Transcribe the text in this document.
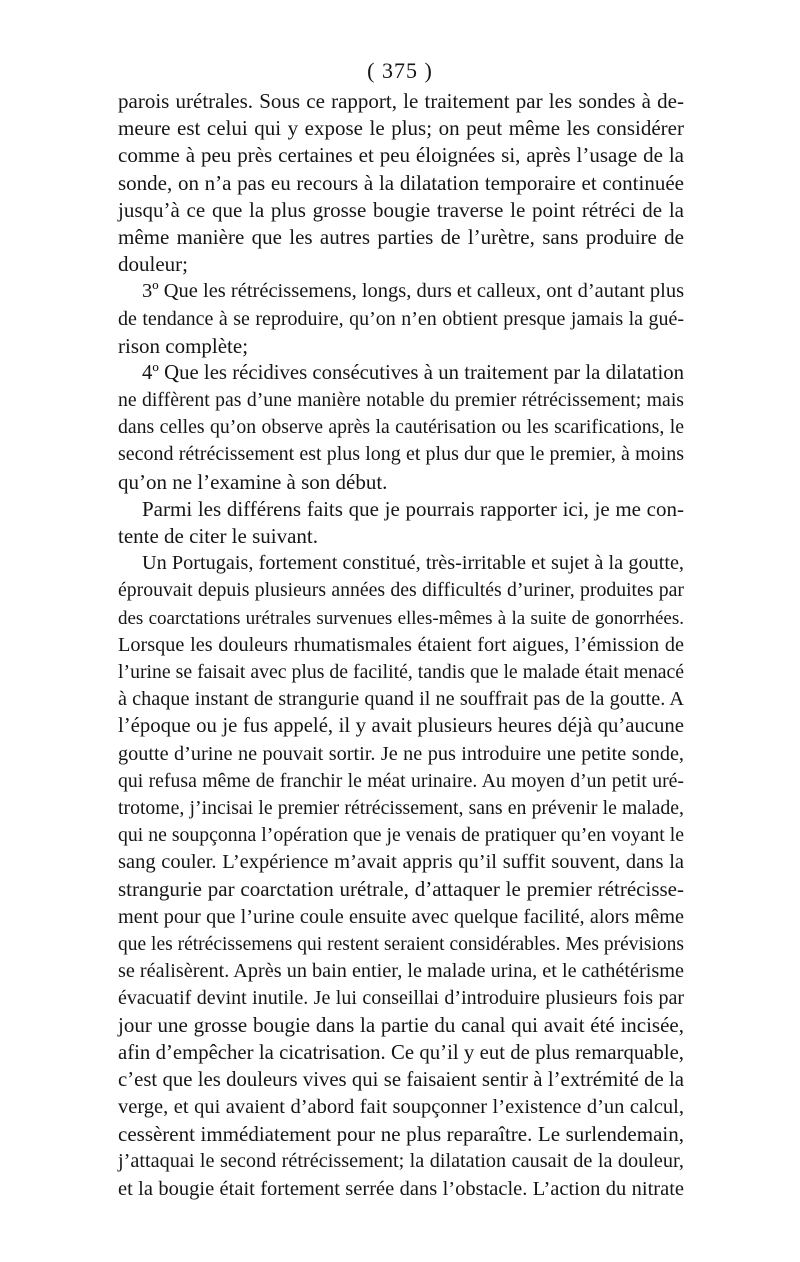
( 375 )
parois urétrales. Sous ce rapport, le traitement par les sondes à de-
meure est celui qui y expose le plus; on peut même les considérer
comme à peu près certaines et peu éloignées si, après l’usage de la
sonde, on n’a pas eu recours à la dilatation temporaire et continuée
jusqu’à ce que la plus grosse bougie traverse le point rétréci de la
même manière que les autres parties de l’urètre, sans produire de
douleur;
3º Que les rétrécissemens, longs, durs et calleux, ont d’autant plus
de tendance à se reproduire, qu’on n’en obtient presque jamais la gué-
rison complète;
4º Que les récidives consécutives à un traitement par la dilatation
ne diffèrent pas d’une manière notable du premier rétrécissement; mais
dans celles qu’on observe après la cautérisation ou les scarifications, le
second rétrécissement est plus long et plus dur que le premier, à moins
qu’on ne l’examine à son début.
Parmi les différens faits que je pourrais rapporter ici, je me con-
tente de citer le suivant.
Un Portugais, fortement constitué, très-irritable et sujet à la goutte,
éprouvait depuis plusieurs années des difficultés d’uriner, produites par
des coarctations urétrales survenues elles-mêmes à la suite de gonorrhées.
Lorsque les douleurs rhumatismales étaient fort aigues, l’émission de
l’urine se faisait avec plus de facilité, tandis que le malade était menacé
à chaque instant de strangurie quand il ne souffrait pas de la goutte. A
l’époque ou je fus appelé, il y avait plusieurs heures déjà qu’aucune
goutte d’urine ne pouvait sortir. Je ne pus introduire une petite sonde,
qui refusa même de franchir le méat urinaire. Au moyen d’un petit uré-
trotome, j’incisai le premier rétrécissement, sans en prévenir le malade,
qui ne soupçonna l’opération que je venais de pratiquer qu’en voyant le
sang couler. L’expérience m’avait appris qu’il suffit souvent, dans la
strangurie par coarctation urétrale, d’attaquer le premier rétrécisse-
ment pour que l’urine coule ensuite avec quelque facilité, alors même
que les rétrécissemens qui restent seraient considérables. Mes prévisions
se réalisèrent. Après un bain entier, le malade urina, et le cathétérisme
évacuatif devint inutile. Je lui conseillai d’introduire plusieurs fois par
jour une grosse bougie dans la partie du canal qui avait été incisée,
afin d’empêcher la cicatrisation. Ce qu’il y eut de plus remarquable,
c’est que les douleurs vives qui se faisaient sentir à l’extrémité de la
verge, et qui avaient d’abord fait soupçonner l’existence d’un calcul,
cessèrent immédiatement pour ne plus reparaître. Le surlendemain,
j’attaquai le second rétrécissement; la dilatation causait de la douleur,
et la bougie était fortement serrée dans l’obstacle. L’action du nitrate
